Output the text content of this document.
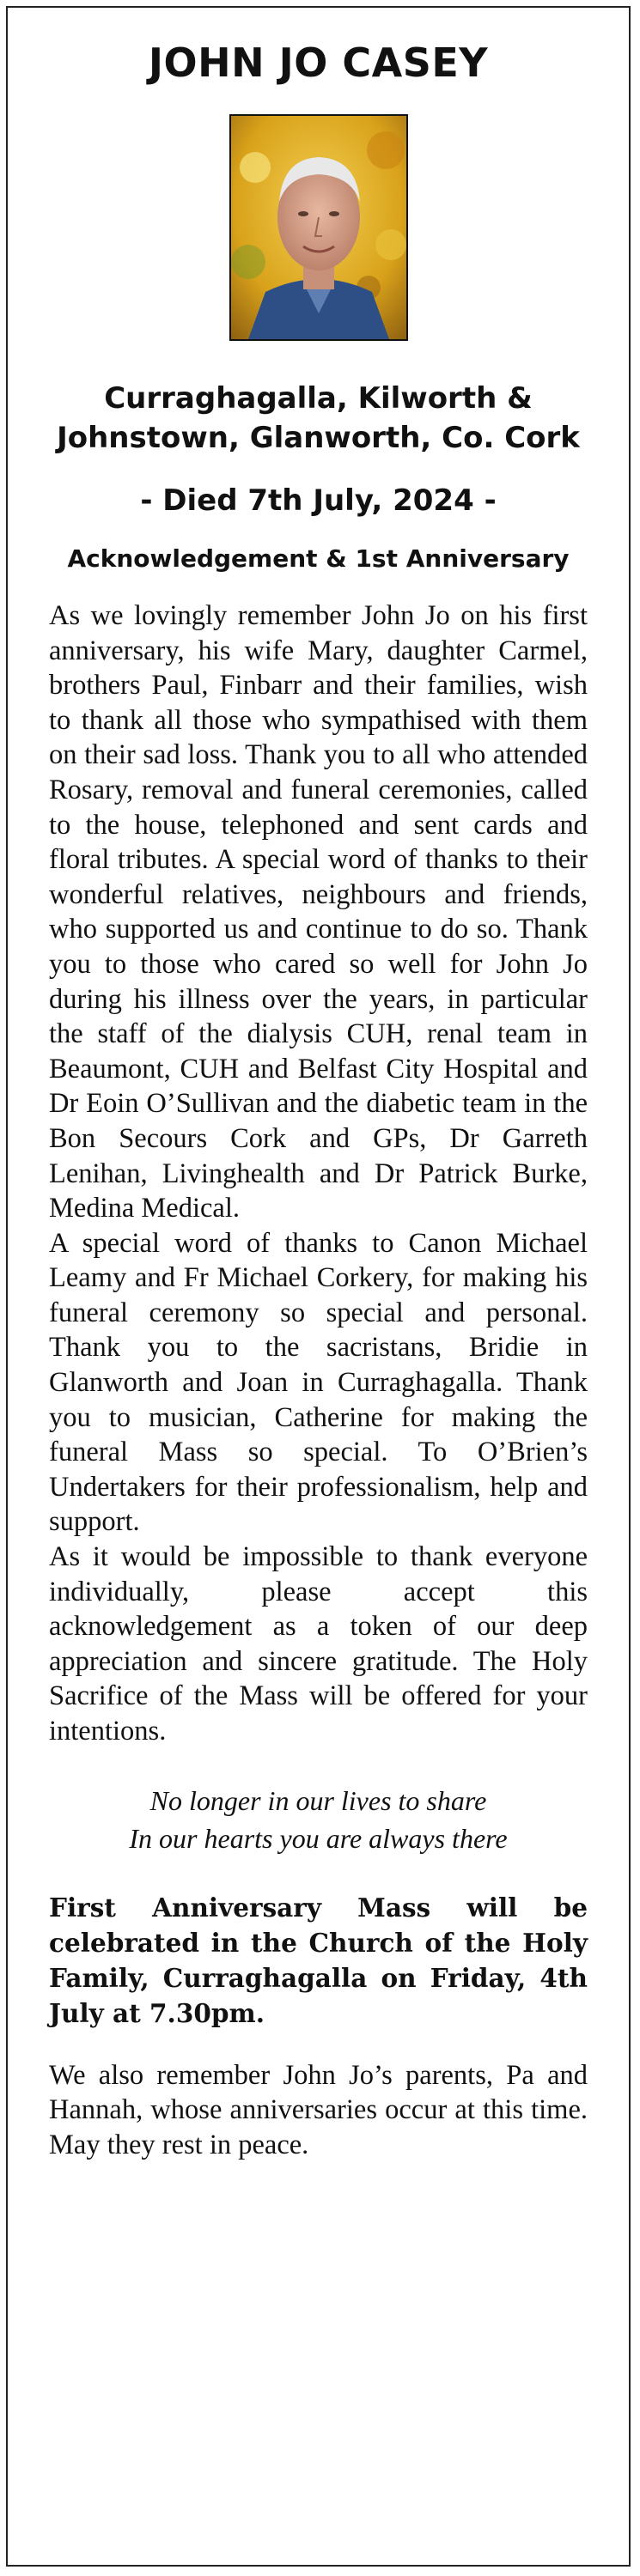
JOHN JO CASEY
Curraghagalla, Kilworth & Johnstown, Glanworth, Co. Cork
- Died 7th July, 2024 -
Acknowledgement & 1st Anniversary

As we lovingly remember John Jo on his first anniversary, his wife Mary, daughter Carmel, brothers Paul, Finbarr and their families, wish to thank all those who sympathised with them on their sad loss. Thank you to all who attended Rosary, removal and funeral ceremonies, called to the house, telephoned and sent cards and floral tributes. A special word of thanks to their wonderful relatives, neighbours and friends, who supported us and continue to do so. Thank you to those who cared so well for John Jo during his illness over the years, in particular the staff of the dialysis CUH, renal team in Beaumont, CUH and Belfast City Hospital and Dr Eoin O’Sullivan and the diabetic team in the Bon Secours Cork and GPs, Dr Garreth Lenihan, Livinghealth and Dr Patrick Burke, Medina Medical.

A special word of thanks to Canon Michael Leamy and Fr Michael Corkery, for making his funeral ceremony so special and personal. Thank you to the sacristans, Bridie in Glanworth and Joan in Curraghagalla. Thank you to musician, Catherine for making the funeral Mass so special. To O’Brien’s Undertakers for their professionalism, help and support.

As it would be impossible to thank everyone individually, please accept this acknowledgement as a token of our deep appreciation and sincere gratitude. The Holy Sacrifice of the Mass will be offered for your intentions.

No longer in our lives to share
In our hearts you are always there
First Anniversary Mass will be celebrated in the Church of the Holy Family, Curraghagalla on Friday, 4th July at 7.30pm.
We also remember John Jo’s parents, Pa and Hannah, whose anniversaries occur at this time. May they rest in peace.
